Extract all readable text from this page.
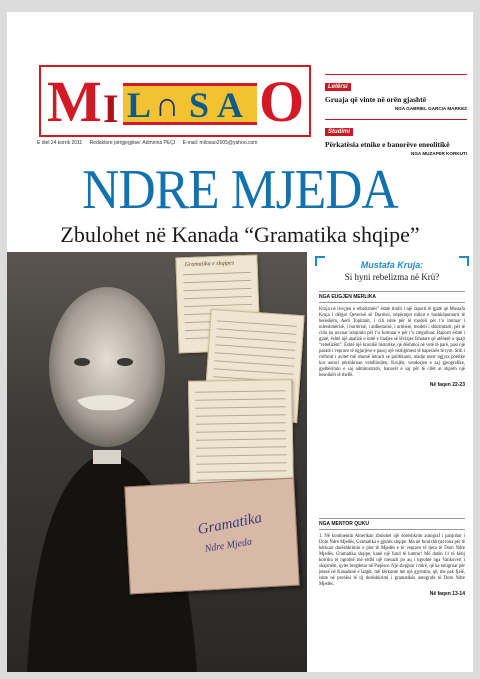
M I L ∩ S A O
E diel 24 korrik 2011 Redaktore përgjegjëse: Admirina PEÇI E-mail: milosao2005@yahoo.com
Letërsi
Gruaja që vinte në orën gjashtë
NGA GABRIEL GARCIA MARKEZ
Studimi
Përkatësia etnike e banorëve eneolitikë
NGA MUZAFER KORKUTI
NDRE MJEDA
Zbulohet në Kanada “Gramatika shqipe”
Gramatika e shqipes
Gramatika
Ndre Mjeda
Mustafa Kruja:
Si hyni rebelizma në Krü?
NGA EUGJEN MERLIKA
Kruja në liviçjen e rebelizmës” është titulli i një raporti të gjatë që Mustafa Kruja i dërgoi Qeverisë së Durrësit, nëpërmjet mikut e bashkëpuntorit të herëshëm, Aedi Topitanit, i cili ishte për të modeli për t’u imituar i ndershmërisë, i burrërisë, i atdhetarisë, i urtësisë, modeli i shkrimtarit, për të cilin ka novuar ishqimin për t’u formuar e për t’u rregulluar. Raporti është i gjatë, është një analizë e imtë e lindjes së lëvizjes fshatare që atëherë u quajt “rebelizëm”. Është një kronikë historike, që dëshmoi në vetë të parë, pasi një pasatë i veprave të ngjarjeve e pasoj një vëzhgimesi të hapesirës të tyre. Stili i rrëfimit i avitet më shumë letrarit se politikanit, madje merr ngjyra poetike kur autori përshkruan vendlindjen, Krujën, vendosjen e saj gjeografike, gjelbërimin e saj administrativ, banorët e saj për të cilët ai shpreh një besnikëri të thellë.
Në faqen 22-23
NGA MENTOR QUKU
1. Në kontinentin Amerikan zbulohet një dorëshkrim autograf i panjohur i Dom Ndre Mjedës, Gramatika e gjuhës shqipe. Ma në fund thirrjet tona për të kërkuar dorëshkrimin e plot të Mjedës e të veprave të tjera të Dom Ndre Mjedës, Gramatika shqipe, kanë një fund të lumtur! Më datën 11 të këtij korriku të ngrohtë më erdhi një mesazh po aq i ngrohtë nga Vankuveri i skajshëm, qytet bregdetar në Paqësor. Një shqiptar i mirë, që ka emigruar për jetesë në Kanadanë e largët, më kërkonte me një gjymtim, që, me pak fjalë, ishte në pronësi të tij dorëshkrimi i gramatikës autografe të Dom Ndre Mjedës.
Në faqen 13-14
